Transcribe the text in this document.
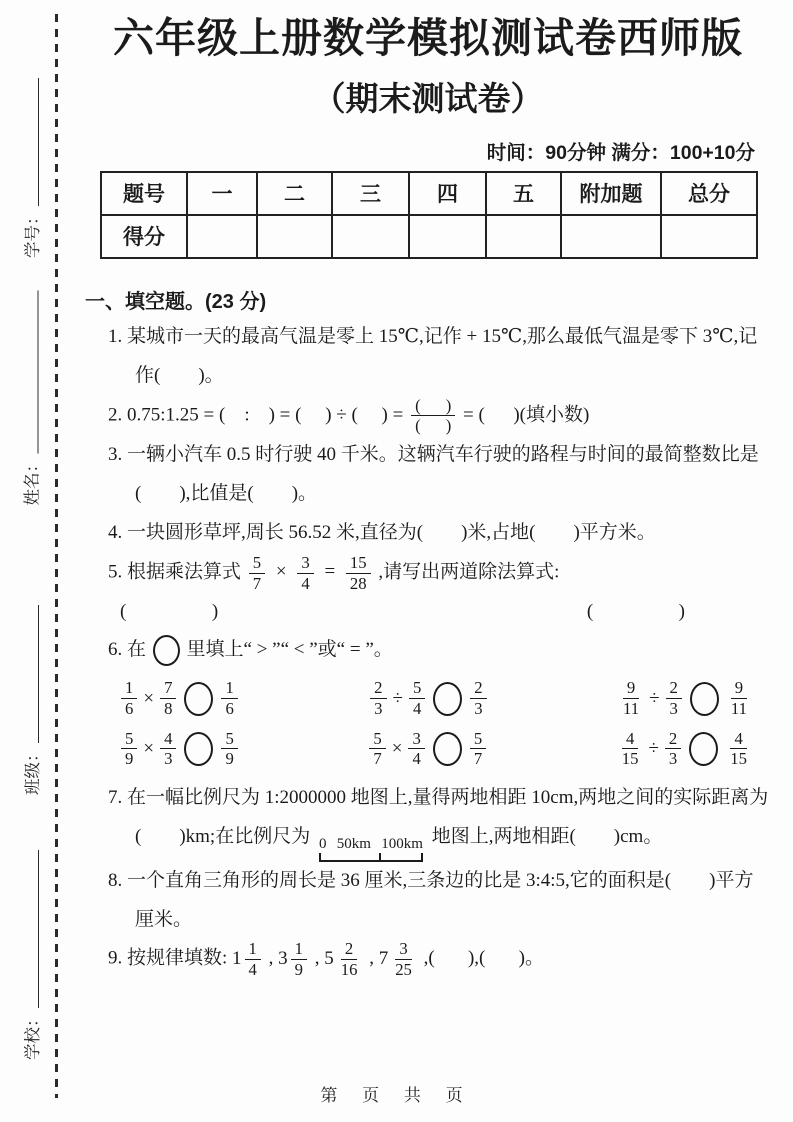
学号：
姓名：
班级：
学校：
六年级上册数学模拟测试卷西师版
（期末测试卷）
时间：90分钟 满分：100+10分
题号	一	二	三	四	五	附加题	总分
得分							
一、填空题。(23 分)
1. 某城市一天的最高气温是零上 15℃,记作 + 15℃,那么最低气温是零下 3℃,记
作(        )。
2. 0.75:1.25 = (    :    ) = (     ) ÷ (     ) = $\frac{( )}{( )}$ = (      )(填小数)
3. 一辆小汽车 0.5 时行驶 40 千米。这辆汽车行驶的路程与时间的最简整数比是
(        ),比值是(        )。
4. 一块圆形草坪,周长 56.52 米,直径为(        )米,占地(        )平方米。
5. 根据乘法算式 $\frac{5}{7} \times \frac{3}{4} = \frac{15}{28}$ ,请写出两道除法算式:
(                  )	(                  )
6. 在 里填上“ > ”“ < ”或“ = ”。
$\frac{1}{6} \times \frac{7}{8}$	$\frac{1}{6}$	$\frac{2}{3} \div \frac{5}{4}$	$\frac{2}{3}$	$\frac{9}{11} \div \frac{2}{3}$	$\frac{9}{11}$
$\frac{5}{9} \times \frac{4}{3}$	$\frac{5}{9}$	$\frac{5}{7} \times \frac{3}{4}$	$\frac{5}{7}$	$\frac{4}{15} \div \frac{2}{3}$	$\frac{4}{15}$
7. 在一幅比例尺为 1:2000000 地图上,量得两地相距 10cm,两地之间的实际距离为
(        )km;在比例尺为 0 50km 100km 地图上,两地相距(        )cm。
8. 一个直角三角形的周长是 36 厘米,三条边的比是 3:4:5,它的面积是(        )平方
厘米。
9. 按规律填数: $1 \frac{1}{4}$ , $3 \frac{1}{9}$ , $5 \frac{2}{16}$ , $7 \frac{3}{25}$ ,(       ),(       )。
第 页 共 页
